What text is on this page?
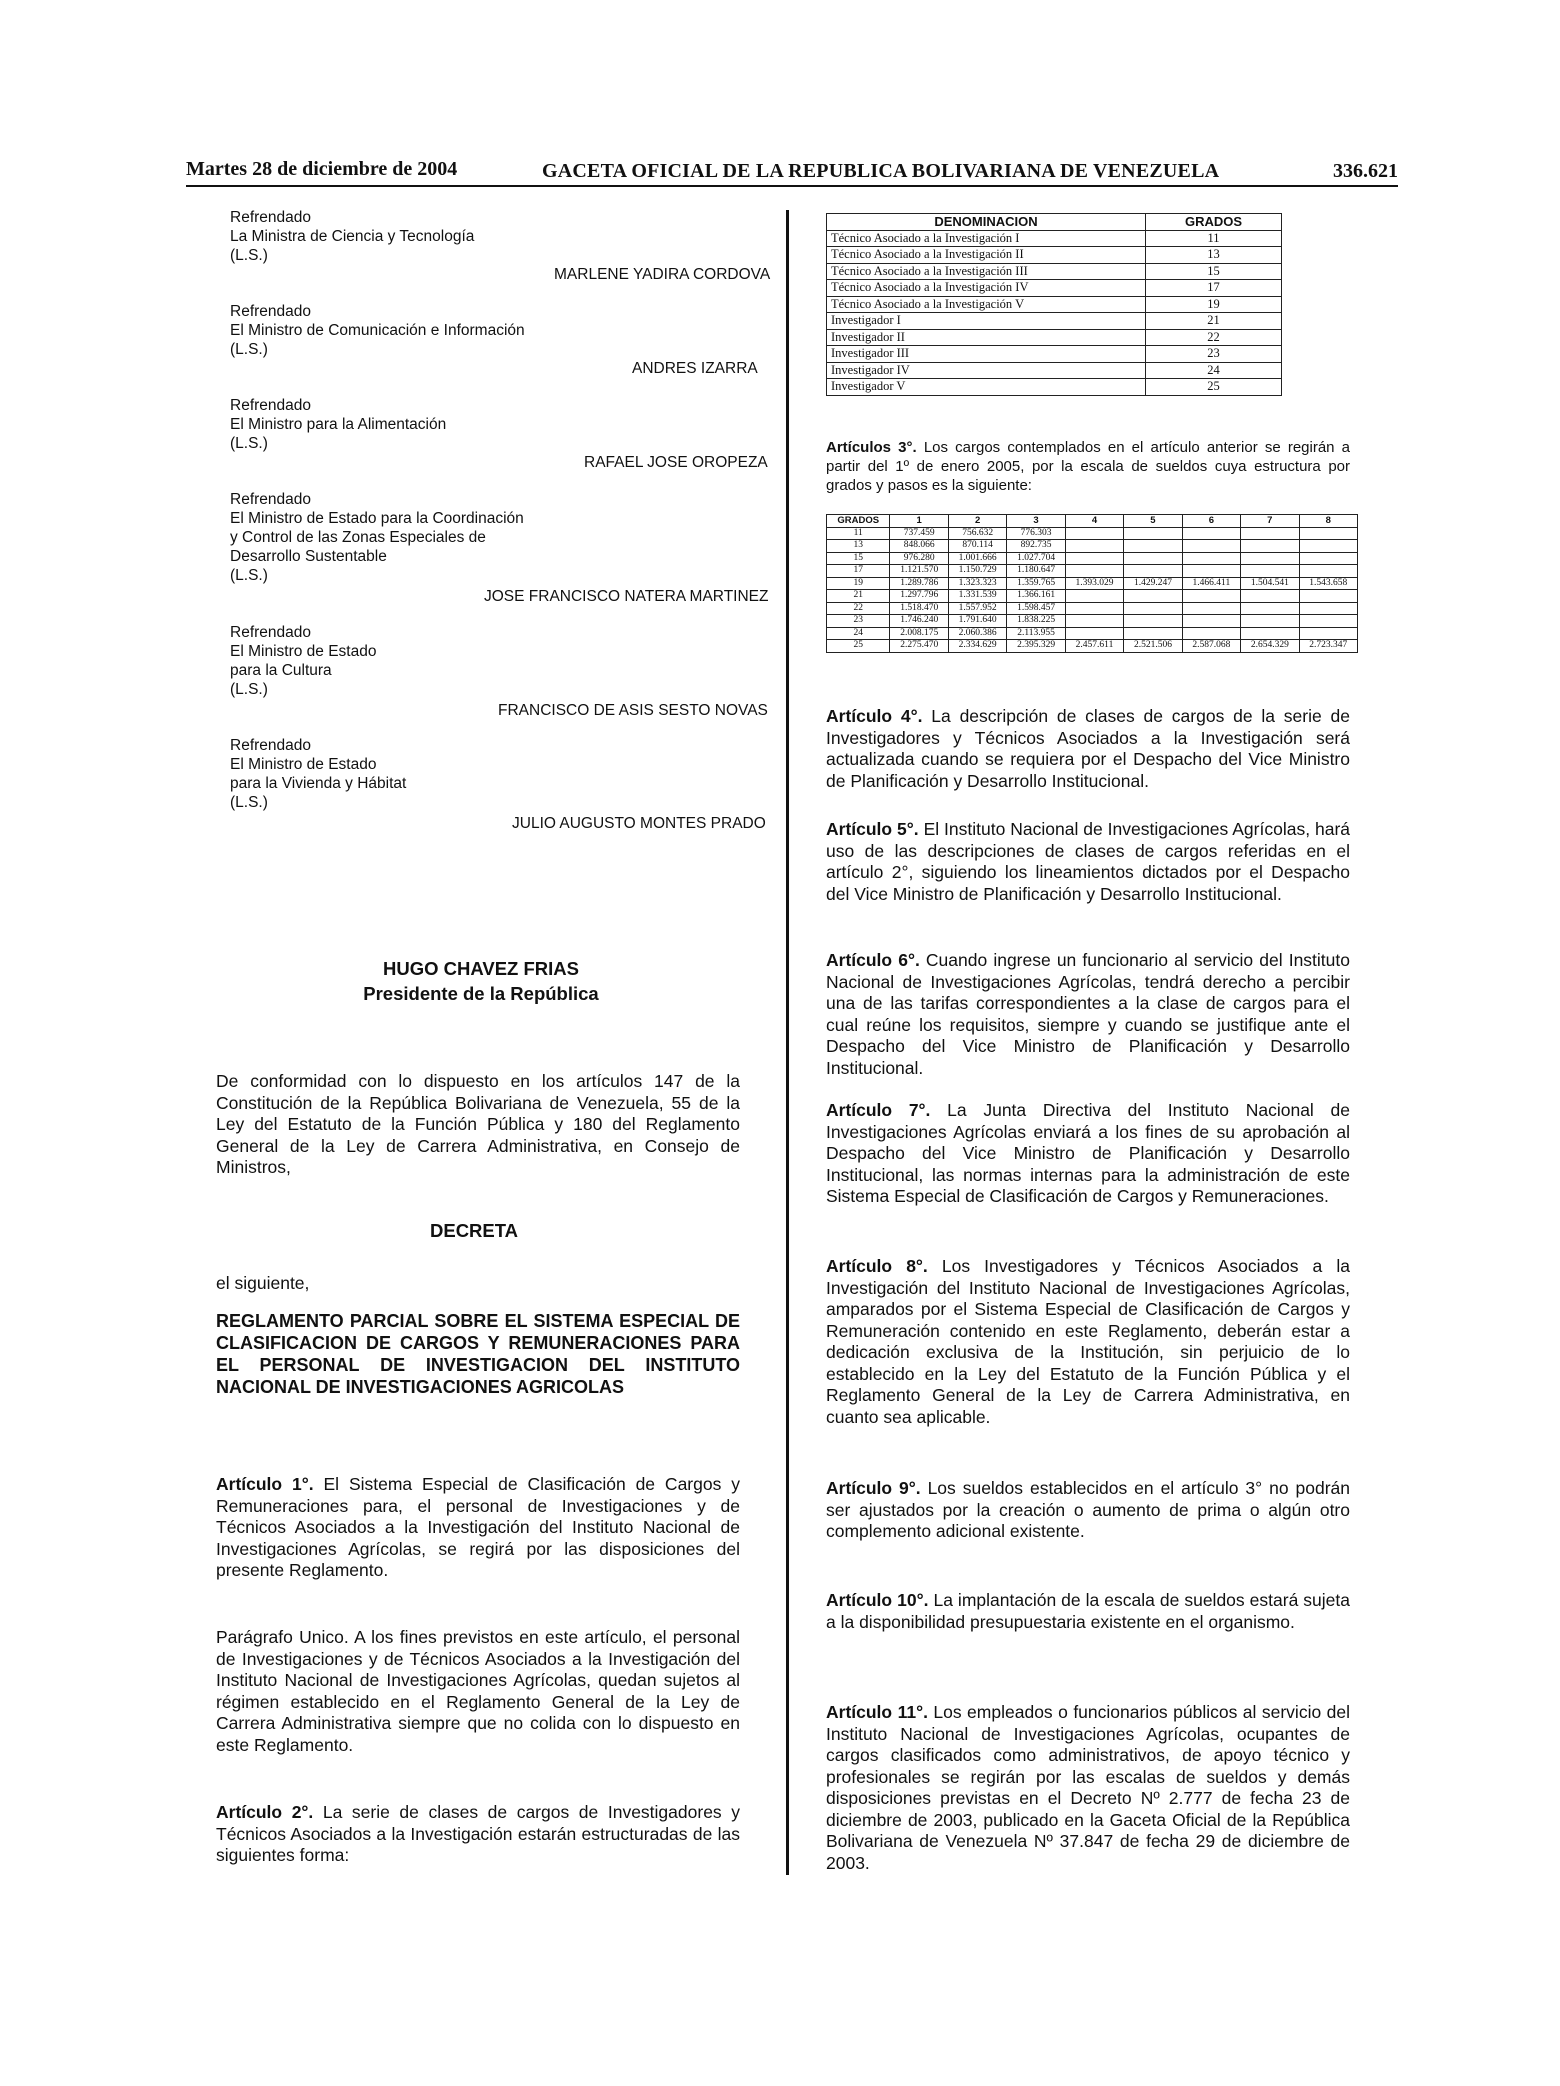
Martes 28 de diciembre de 2004	GACETA OFICIAL DE LA REPUBLICA BOLIVARIANA DE VENEZUELA	336.621
Refrendado
La Ministra de Ciencia y Tecnología
(L.S.)
MARLENE YADIRA CORDOVA
Refrendado
El Ministro de Comunicación e Información
(L.S.)
ANDRES IZARRA
Refrendado
El Ministro para la Alimentación
(L.S.)
RAFAEL JOSE OROPEZA
Refrendado
El Ministro de Estado para la Coordinación
y Control de las Zonas Especiales de
Desarrollo Sustentable
(L.S.)
JOSE FRANCISCO NATERA MARTINEZ
Refrendado
El Ministro de Estado
para la Cultura
(L.S.)
FRANCISCO DE ASIS SESTO NOVAS
Refrendado
El Ministro de Estado
para la Vivienda y Hábitat
(L.S.)
JULIO AUGUSTO MONTES PRADO
HUGO CHAVEZ FRIAS
Presidente de la República
De conformidad con lo dispuesto en los artículos 147 de la Constitución de la República Bolivariana de Venezuela, 55 de la Ley del Estatuto de la Función Pública y 180 del Reglamento General de la Ley de Carrera Administrativa, en Consejo de Ministros,
DECRETA
el siguiente,
REGLAMENTO PARCIAL SOBRE EL SISTEMA ESPECIAL DE CLASIFICACION DE CARGOS Y REMUNERACIONES PARA EL PERSONAL DE INVESTIGACION DEL INSTITUTO NACIONAL DE INVESTIGACIONES AGRICOLAS
Artículo 1°. El Sistema Especial de Clasificación de Cargos y Remuneraciones para, el personal de Investigaciones y de Técnicos Asociados a la Investigación del Instituto Nacional de Investigaciones Agrícolas, se regirá por las disposiciones del presente Reglamento.
Parágrafo Unico. A los fines previstos en este artículo, el personal de Investigaciones y de Técnicos Asociados a la Investigación del Instituto Nacional de Investigaciones Agrícolas, quedan sujetos al régimen establecido en el Reglamento General de la Ley de Carrera Administrativa siempre que no colida con lo dispuesto en este Reglamento.
Artículo 2°. La serie de clases de cargos de Investigadores y Técnicos Asociados a la Investigación estarán estructuradas de las siguientes forma:
DENOMINACION	GRADOS
Técnico Asociado a la Investigación I	11
Técnico Asociado a la Investigación II	13
Técnico Asociado a la Investigación III	15
Técnico Asociado a la Investigación IV	17
Técnico Asociado a la Investigación V	19
Investigador I	21
Investigador II	22
Investigador III	23
Investigador IV	24
Investigador V	25
Artículos 3°. Los cargos contemplados en el artículo anterior se regirán a partir del 1º de enero 2005, por la escala de sueldos cuya estructura por grados y pasos es la siguiente:
GRADOS	1	2	3	4	5	6	7	8
11	737.459	756.632	776.303					
13	848.066	870.114	892.735					
15	976.280	1.001.666	1.027.704					
17	1.121.570	1.150.729	1.180.647					
19	1.289.786	1.323.323	1.359.765	1.393.029	1.429.247	1.466.411	1.504.541	1.543.658
21	1.297.796	1.331.539	1.366.161					
22	1.518.470	1.557.952	1.598.457					
23	1.746.240	1.791.640	1.838.225					
24	2.008.175	2.060.386	2.113.955					
25	2.275.470	2.334.629	2.395.329	2.457.611	2.521.506	2.587.068	2.654.329	2.723.347
Artículo 4°. La descripción de clases de cargos de la serie de Investigadores y Técnicos Asociados a la Investigación será actualizada cuando se requiera por el Despacho del Vice Ministro de Planificación y Desarrollo Institucional.
Artículo 5°. El Instituto Nacional de Investigaciones Agrícolas, hará uso de las descripciones de clases de cargos referidas en el artículo 2°, siguiendo los lineamientos dictados por el Despacho del Vice Ministro de Planificación y Desarrollo Institucional.
Artículo 6°. Cuando ingrese un funcionario al servicio del Instituto Nacional de Investigaciones Agrícolas, tendrá derecho a percibir una de las tarifas correspondientes a la clase de cargos para el cual reúne los requisitos, siempre y cuando se justifique ante el Despacho del Vice Ministro de Planificación y Desarrollo Institucional.
Artículo 7°. La Junta Directiva del Instituto Nacional de Investigaciones Agrícolas enviará a los fines de su aprobación al Despacho del Vice Ministro de Planificación y Desarrollo Institucional, las normas internas para la administración de este Sistema Especial de Clasificación de Cargos y Remuneraciones.
Artículo 8°. Los Investigadores y Técnicos Asociados a la Investigación del Instituto Nacional de Investigaciones Agrícolas, amparados por el Sistema Especial de Clasificación de Cargos y Remuneración contenido en este Reglamento, deberán estar a dedicación exclusiva de la Institución, sin perjuicio de lo establecido en la Ley del Estatuto de la Función Pública y el Reglamento General de la Ley de Carrera Administrativa, en cuanto sea aplicable.
Artículo 9°. Los sueldos establecidos en el artículo 3° no podrán ser ajustados por la creación o aumento de prima o algún otro complemento adicional existente.
Artículo 10°. La implantación de la escala de sueldos estará sujeta a la disponibilidad presupuestaria existente en el organismo.
Artículo 11°. Los empleados o funcionarios públicos al servicio del Instituto Nacional de Investigaciones Agrícolas, ocupantes de cargos clasificados como administrativos, de apoyo técnico y profesionales se regirán por las escalas de sueldos y demás disposiciones previstas en el Decreto Nº 2.777 de fecha 23 de diciembre de 2003, publicado en la Gaceta Oficial de la República Bolivariana de Venezuela Nº 37.847 de fecha 29 de diciembre de 2003.
